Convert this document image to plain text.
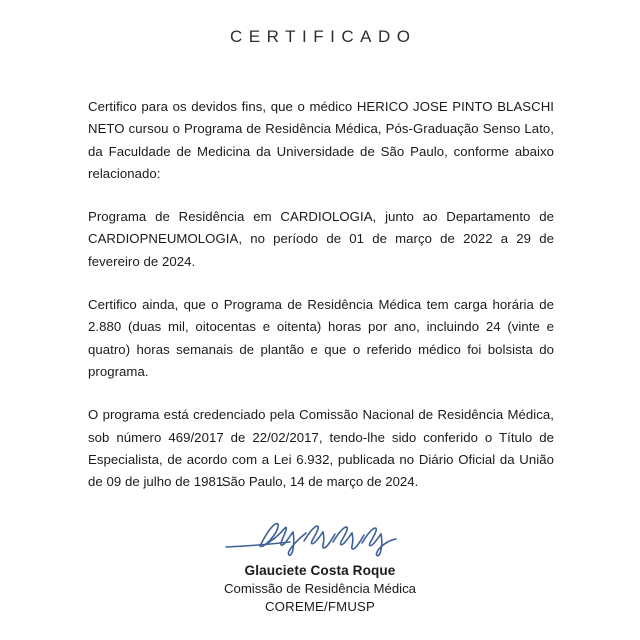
CERTIFICADO

Certifico para os devidos fins, que o médico HERICO JOSE PINTO BLASCHI NETO cursou o Programa de Residência Médica, Pós-Graduação Senso Lato, da Faculdade de Medicina da Universidade de São Paulo, conforme abaixo relacionado:

Programa de Residência em CARDIOLOGIA, junto ao Departamento de CARDIOPNEUMOLOGIA, no período de 01 de março de 2022 a 29 de fevereiro de 2024.

Certifico ainda, que o Programa de Residência Médica tem carga horária de 2.880 (duas mil, oitocentas e oitenta) horas por ano, incluindo 24 (vinte e quatro) horas semanais de plantão e que o referido médico foi bolsista do programa.

O programa está credenciado pela Comissão Nacional de Residência Médica, sob número 469/2017 de 22/02/2017, tendo-lhe sido conferido o Título de Especialista, de acordo com a Lei 6.932, publicada no Diário Oficial da União de 09 de julho de 1981.

São Paulo, 14 de março de 2024.
Glauciete Costa Roque
Comissão de Residência Médica
COREME/FMUSP
